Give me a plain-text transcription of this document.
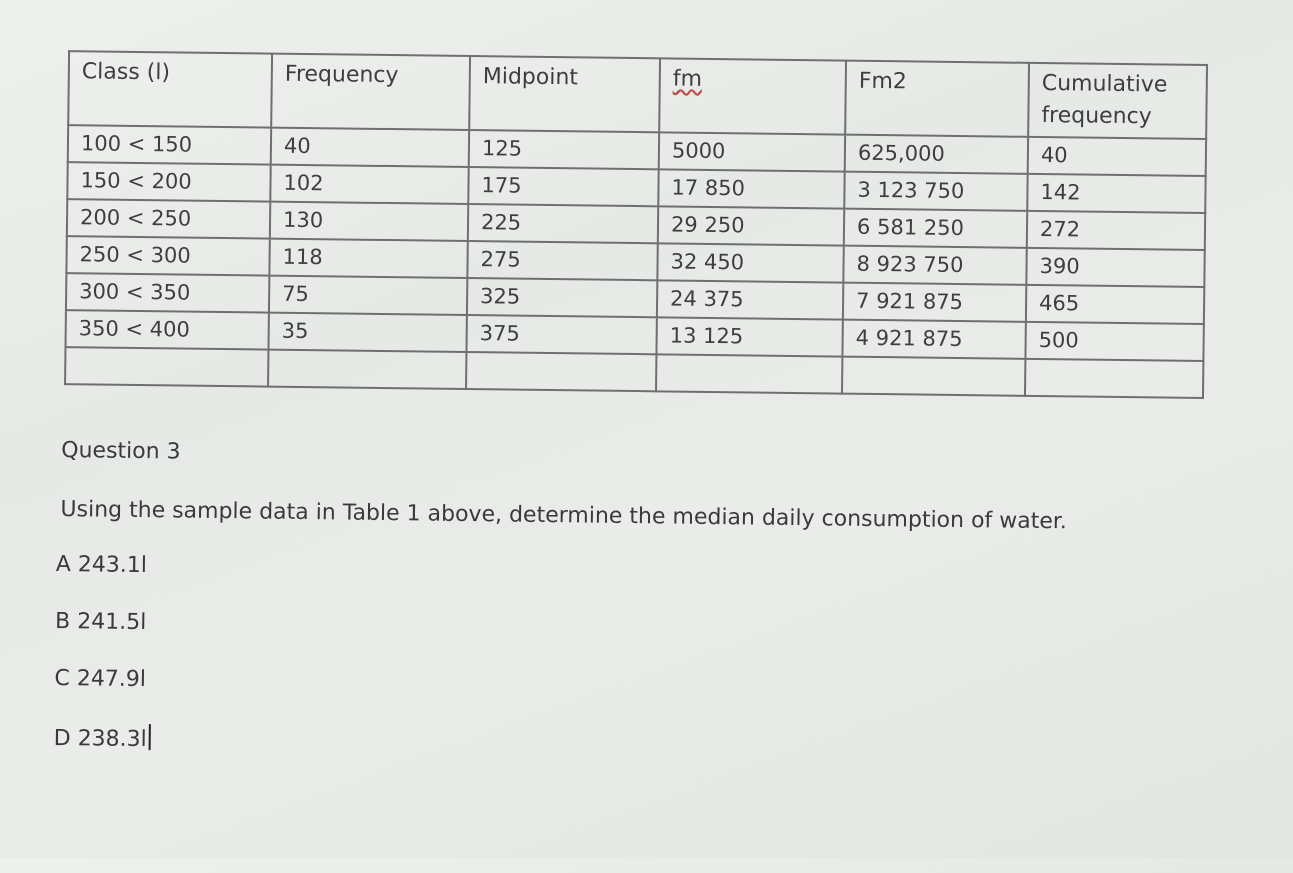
Class (l)	Frequency	Midpoint	fm	Fm2	Cumulative frequency
100 < 150	40	125	5000	625,000	40
150 < 200	102	175	17 850	3 123 750	142
200 < 250	130	225	29 250	6 581 250	272
250 < 300	118	275	32 450	8 923 750	390
300 < 350	75	325	24 375	7 921 875	465
350 < 400	35	375	13 125	4 921 875	500

Question 3
Using the sample data in Table 1 above, determine the median daily consumption of water.
A 243.1l
B 241.5l
C 247.9l
D 238.3l
